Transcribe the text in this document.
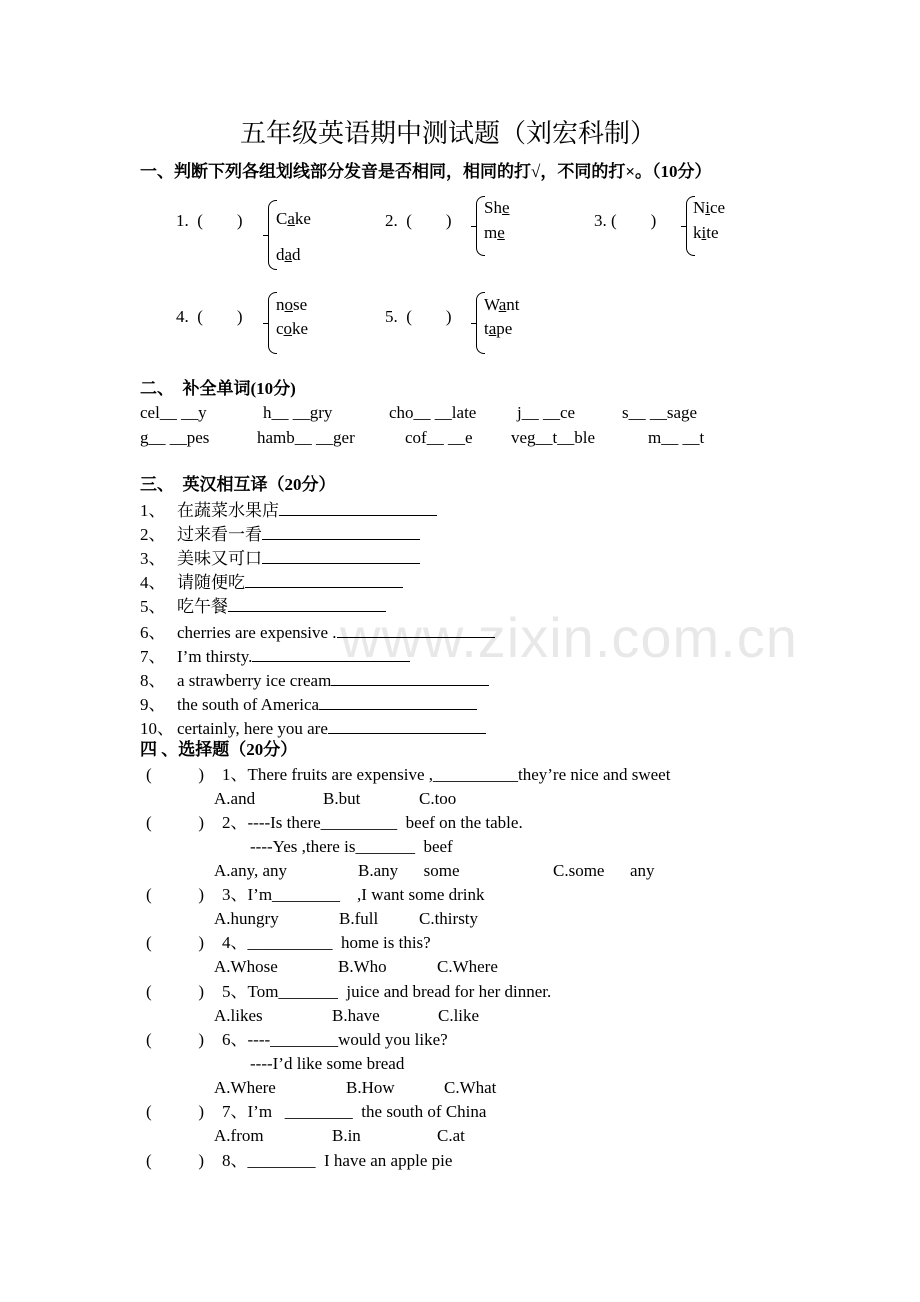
www.zixin.com.cn
五年级英语期中测试题（刘宏科制）
一、判断下列各组划线部分发音是否相同，相同的打√，不同的打×。（10分）
1.  (        ) Cake
dad
2.  (        )
She
me
3. (        )
Nice
kite
4.  (        )
nose
coke
5.  (        )
Want
tape
二、  补全单词(10分)
cel__ __y	h__ __gry	cho__ __late j__ __ce	s__ __sage
g__ __pes	hamb__ __ger	cof__ __e veg__t__ble	m__ __t
三、  英汉相互译（20分）
1、 在蔬菜水果店
2、 过来看一看
3、 美味又可口
4、 请随便吃
5、 吃午餐
6、 cherries are expensive .
7、 I’m thirsty.
8、 a strawberry ice cream
9、 the south of America
10、 certainly, here you are
四 、选择题（20分）
(           ) 1、There fruits are expensive ,__________they’re nice and sweet
A.and	B.but	C.too
(           ) 2、----Is there_________  beef on the table.
----Yes ,there is_______  beef
A.any, any	B.any      some	C.some      any
(           ) 3、I’m________    ,I want some drink
A.hungry	B.full C.thirsty
(           ) 4、__________  home is this?
A.Whose	B.Who	C.Where
(           ) 5、Tom_______  juice and bread for her dinner.
A.likes	B.have	C.like
(           ) 6、----________would you like?
----I’d like some bread
A.Where	B.How	C.What
(           ) 7、I’m   ________  the south of China
A.from	B.in	C.at
(           ) 8、________  I have an apple pie
